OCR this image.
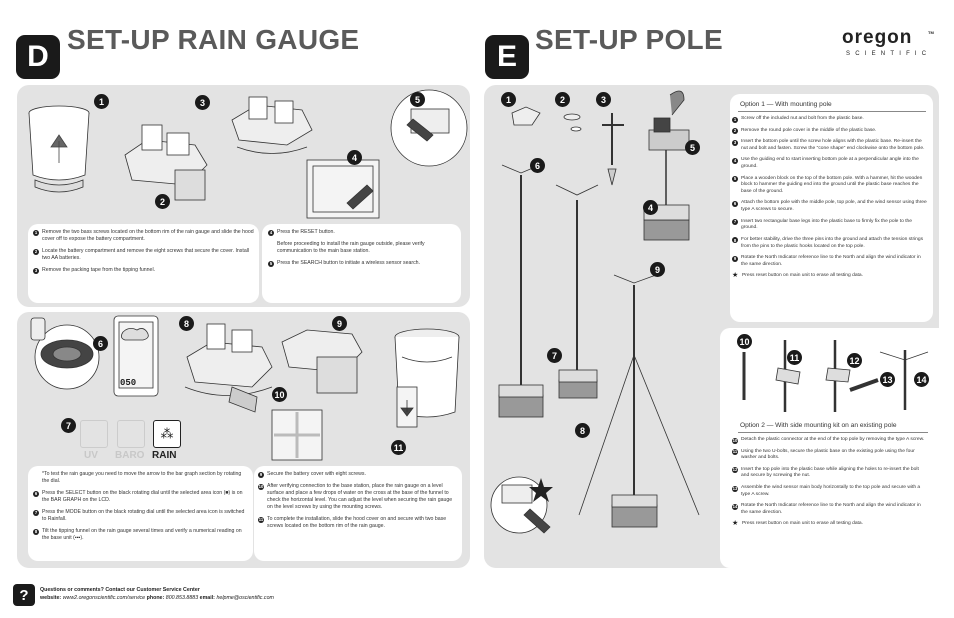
D
SET-UP RAIN GAUGE
E
SET-UP POLE	oregon	TM
SCIENTIFIC
1
2
3
4
5
1 Remove the two bass screws located on the bottom rim of the rain gauge and slide the hood cover off to expose the battery compartment.
2 Locate the battery compartment and remove the eight screws that secure the cover. Install two AA batteries.
3 Remove the packing tape from the tipping funnel.
4 Press the RESET button.
Before proceeding to install the rain gauge outside, please verify communication to the main base station.
5 Press the SEARCH button to initiate a wireless sensor search.
050
6
7
8	9
10
11
UV BARO
⁂
RAIN
*To test the rain gauge you need to move the arrow to the bar graph section by rotating the dial.
6 Press the SELECT button on the black rotating dial until the selected area icon (■) is on the BAR GRAPH on the LCD.
7 Press the MODE button on the black rotating dial until the selected area icon is switched to Rainfall.
8 Tilt the tipping funnel on the rain gauge several times and verify a numerical reading on the base unit (▪▪▪).
9 Secure the battery cover with eight screws.
10 After verifying connection to the base station, place the rain gauge on a level surface and place a few drops of water on the cross at the base of the funnel to check the horizontal level. You can adjust the level when securing the rain gauge on the level screws by using the mounting screws.
11 To complete the installation, slide the hood cover on and secure with two base screws located on the bottom rim of the rain gauge.
1	2	3
4
5
6
7
8
9
10
11	12
13	14
Option 1 — With mounting pole
1 Screw off the included nut and bolt from the plastic base.
2 Remove the round pole cover in the middle of the plastic base.
3 Insert the bottom pole until the screw hole aligns with the plastic base. Re-insert the nut and bolt and fasten. Screw the "cone shape" end clockwise onto the bottom pole.
4 Use the guiding end to start inserting bottom pole at a perpendicular angle into the ground.
5 Place a wooden block on the top of the bottom pole. With a hammer, hit the wooden block to hammer the guiding end into the ground until the plastic base reaches the base of the ground.
6 Attach the bottom pole with the middle pole, top pole, and the wind sensor using three type A screws to secure.
7 Insert two rectangular base legs into the plastic base to firmly fix the pole to the ground.
8 For better stability, drive the three pins into the ground and attach the tension strings from the pins to the plastic hooks located on the top pole.
9 Rotate the North Indicator reference line to the North and align the wind indicator in the same direction.
★ Press reset button on main unit to erase all testing data.
Option 2 — With side mounting kit on an existing pole
10 Detach the plastic connector at the end of the top pole by removing the type A screw.
11 Using the two U-bolts, secure the plastic base on the existing pole using the four washer and bolts.
12 Insert the top pole into the plastic base while aligning the holes to re-insert the bolt and secure by screwing the nut.
13 Assemble the wind sensor main body horizontally to the top pole and secure with a type A screw.
14 Rotate the North Indicator reference line to the North and align the wind indicator in the same direction.
★ Press reset button on main unit to erase all testing data.
?	Questions or comments? Contact our Customer Service Center
website: www2.oregonscientific.com/service phone: 800.853.8883 email: helpme@oscientific.com
